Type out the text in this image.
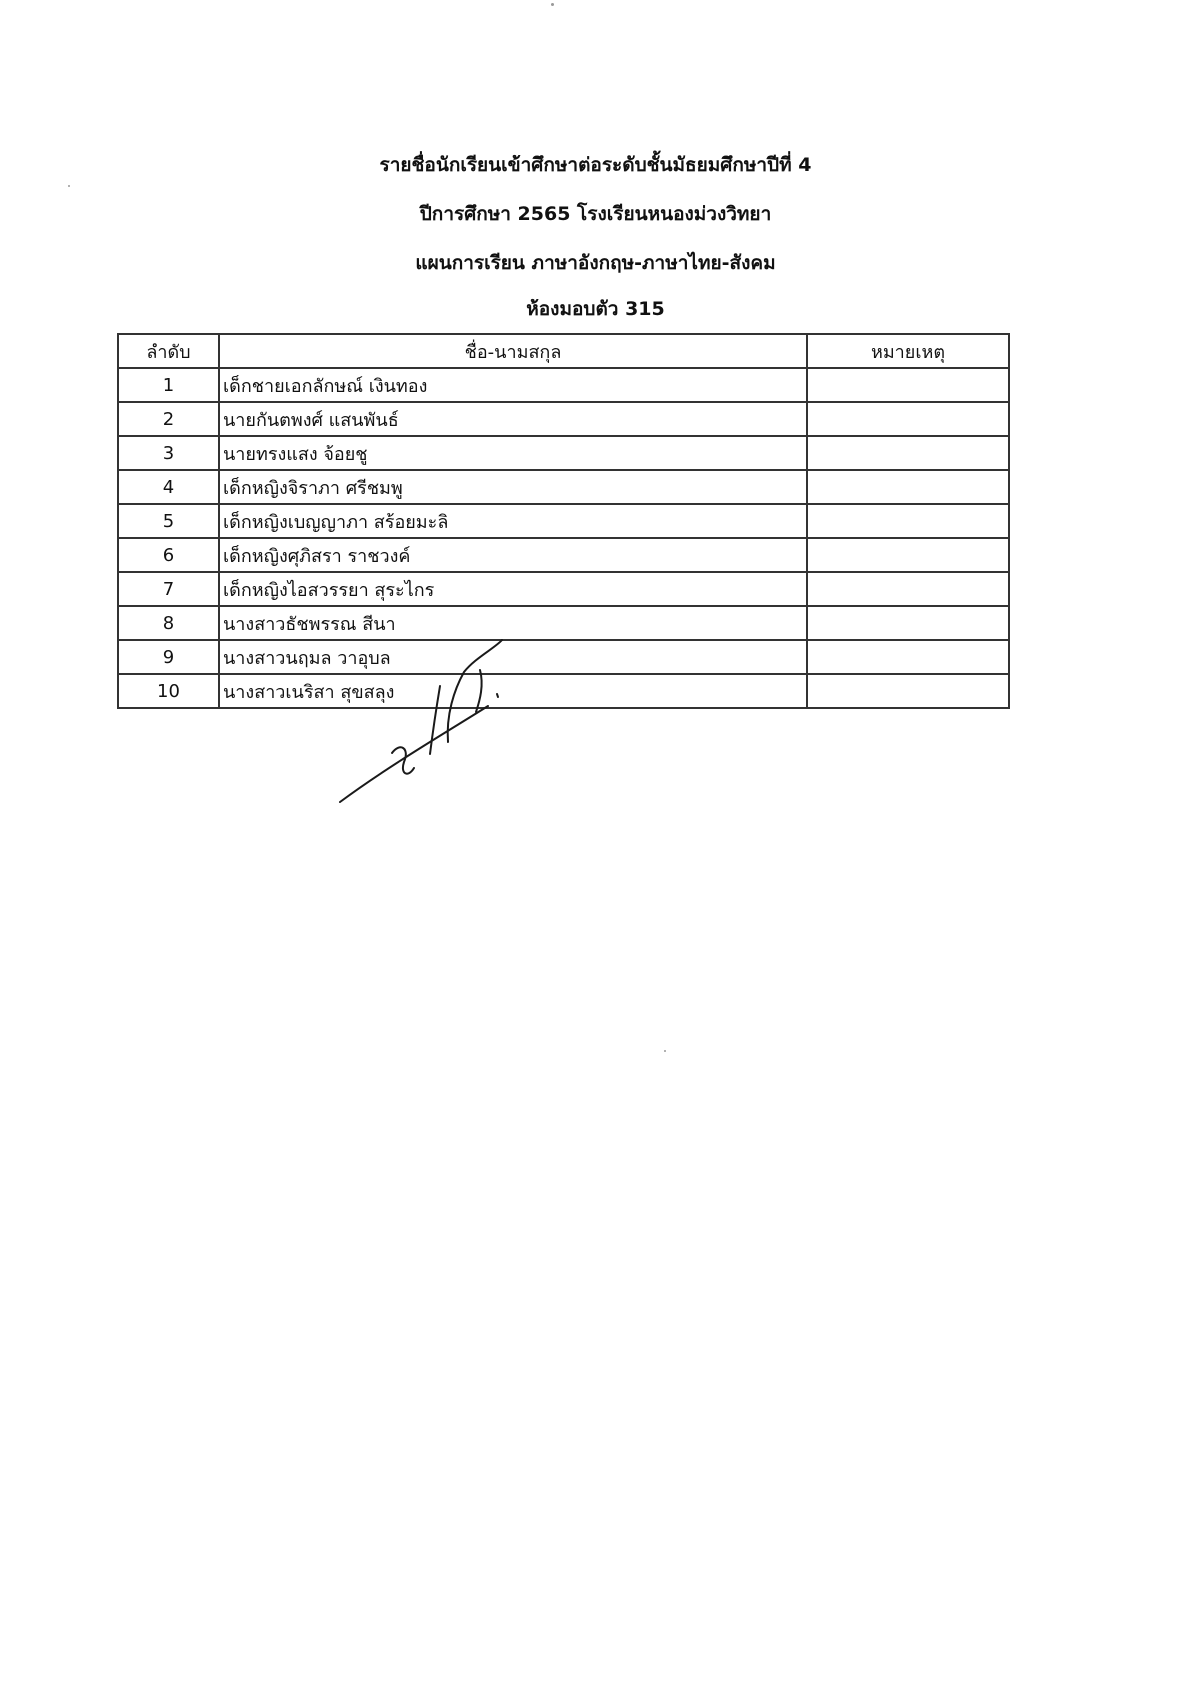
รายชื่อนักเรียนเข้าศึกษาต่อระดับชั้นมัธยมศึกษาปีที่ 4
ปีการศึกษา 2565 โรงเรียนหนองม่วงวิทยา
แผนการเรียน ภาษาอังกฤษ-ภาษาไทย-สังคม
ห้องมอบตัว 315
ลำดับ	ชื่อ-นามสกุล	หมายเหตุ
1	เด็กชายเอกลักษณ์ เงินทอง	
2	นายกันตพงศ์ แสนพันธ์	
3	นายทรงแสง จ้อยชู	
4	เด็กหญิงจิราภา ศรีชมพู	
5	เด็กหญิงเบญญาภา สร้อยมะลิ	
6	เด็กหญิงศุภิสรา ราชวงค์	
7	เด็กหญิงไอสวรรยา สุระไกร	
8	นางสาวธัชพรรณ สีนา	
9	นางสาวนฤมล วาอุบล	
10	นางสาวเนริสา สุขสลุง	
